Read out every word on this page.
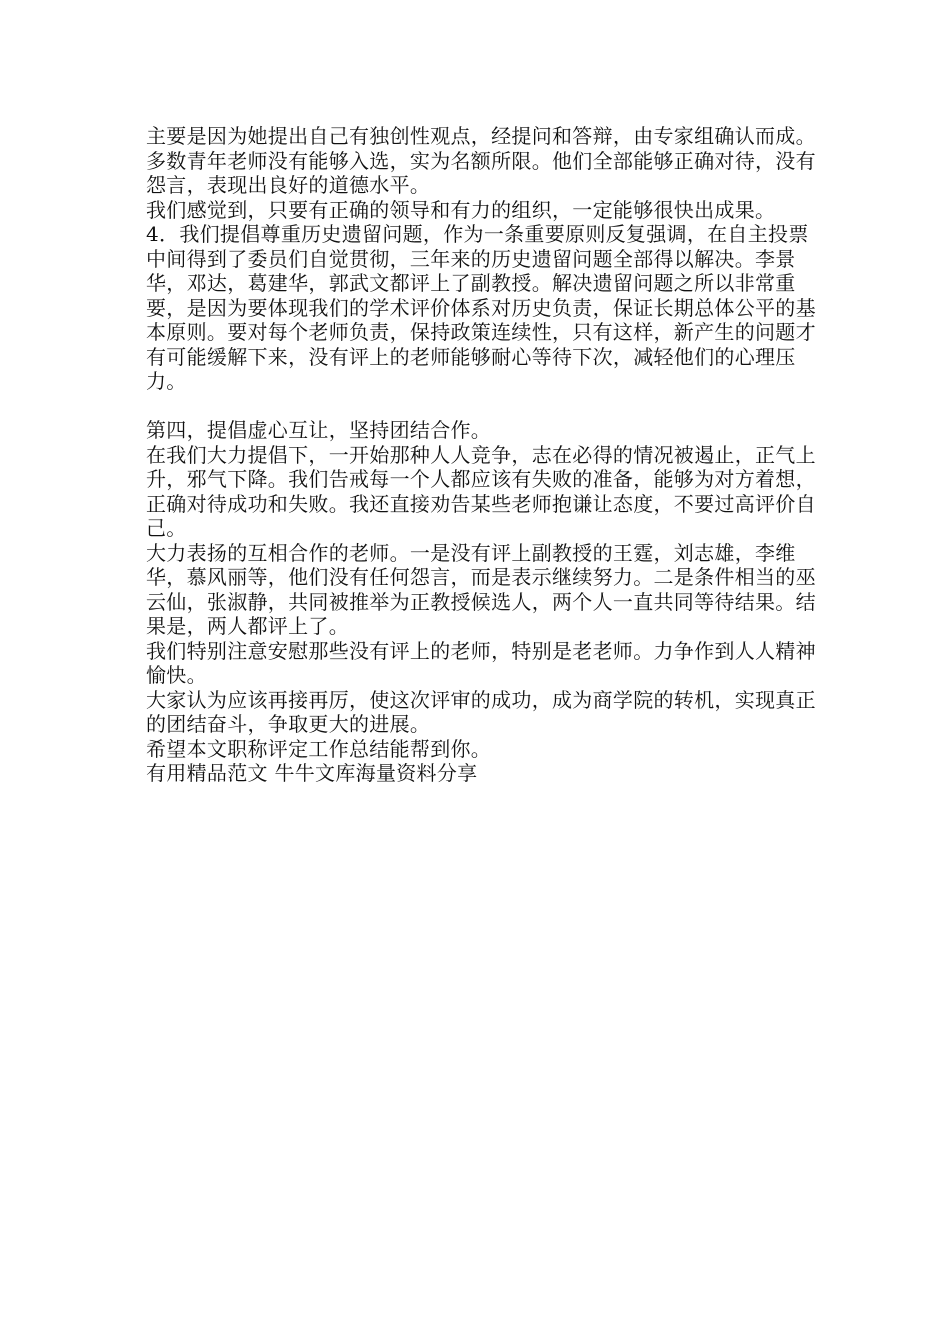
主要是因为她提出自己有独创性观点，经提问和答辩，由专家组确认而成。

多数青年老师没有能够入选，实为名额所限。他们全部能够正确对待，没有怨言，表现出良好的道德水平。

我们感觉到，只要有正确的领导和有力的组织，一定能够很快出成果。

4．我们提倡尊重历史遗留问题，作为一条重要原则反复强调，在自主投票中间得到了委员们自觉贯彻，三年来的历史遗留问题全部得以解决。李景华，邓达，葛建华，郭武文都评上了副教授。解决遗留问题之所以非常重要，是因为要体现我们的学术评价体系对历史负责，保证长期总体公平的基本原则。要对每个老师负责，保持政策连续性，只有这样，新产生的问题才有可能缓解下来，没有评上的老师能够耐心等待下次，减轻他们的心理压力。

第四，提倡虚心互让，坚持团结合作。

在我们大力提倡下，一开始那种人人竞争，志在必得的情况被遏止，正气上升，邪气下降。我们告戒每一个人都应该有失败的准备，能够为对方着想，正确对待成功和失败。我还直接劝告某些老师抱谦让态度，不要过高评价自己。

大力表扬的互相合作的老师。一是没有评上副教授的王霆，刘志雄，李维华，慕风丽等，他们没有任何怨言，而是表示继续努力。二是条件相当的巫云仙，张淑静，共同被推举为正教授候选人，两个人一直共同等待结果。结果是，两人都评上了。

我们特别注意安慰那些没有评上的老师，特别是老老师。力争作到人人精神愉快。

大家认为应该再接再厉，使这次评审的成功，成为商学院的转机，实现真正的团结奋斗，争取更大的进展。

希望本文职称评定工作总结能帮到你。

有用精品范文 牛牛文库海量资料分享
